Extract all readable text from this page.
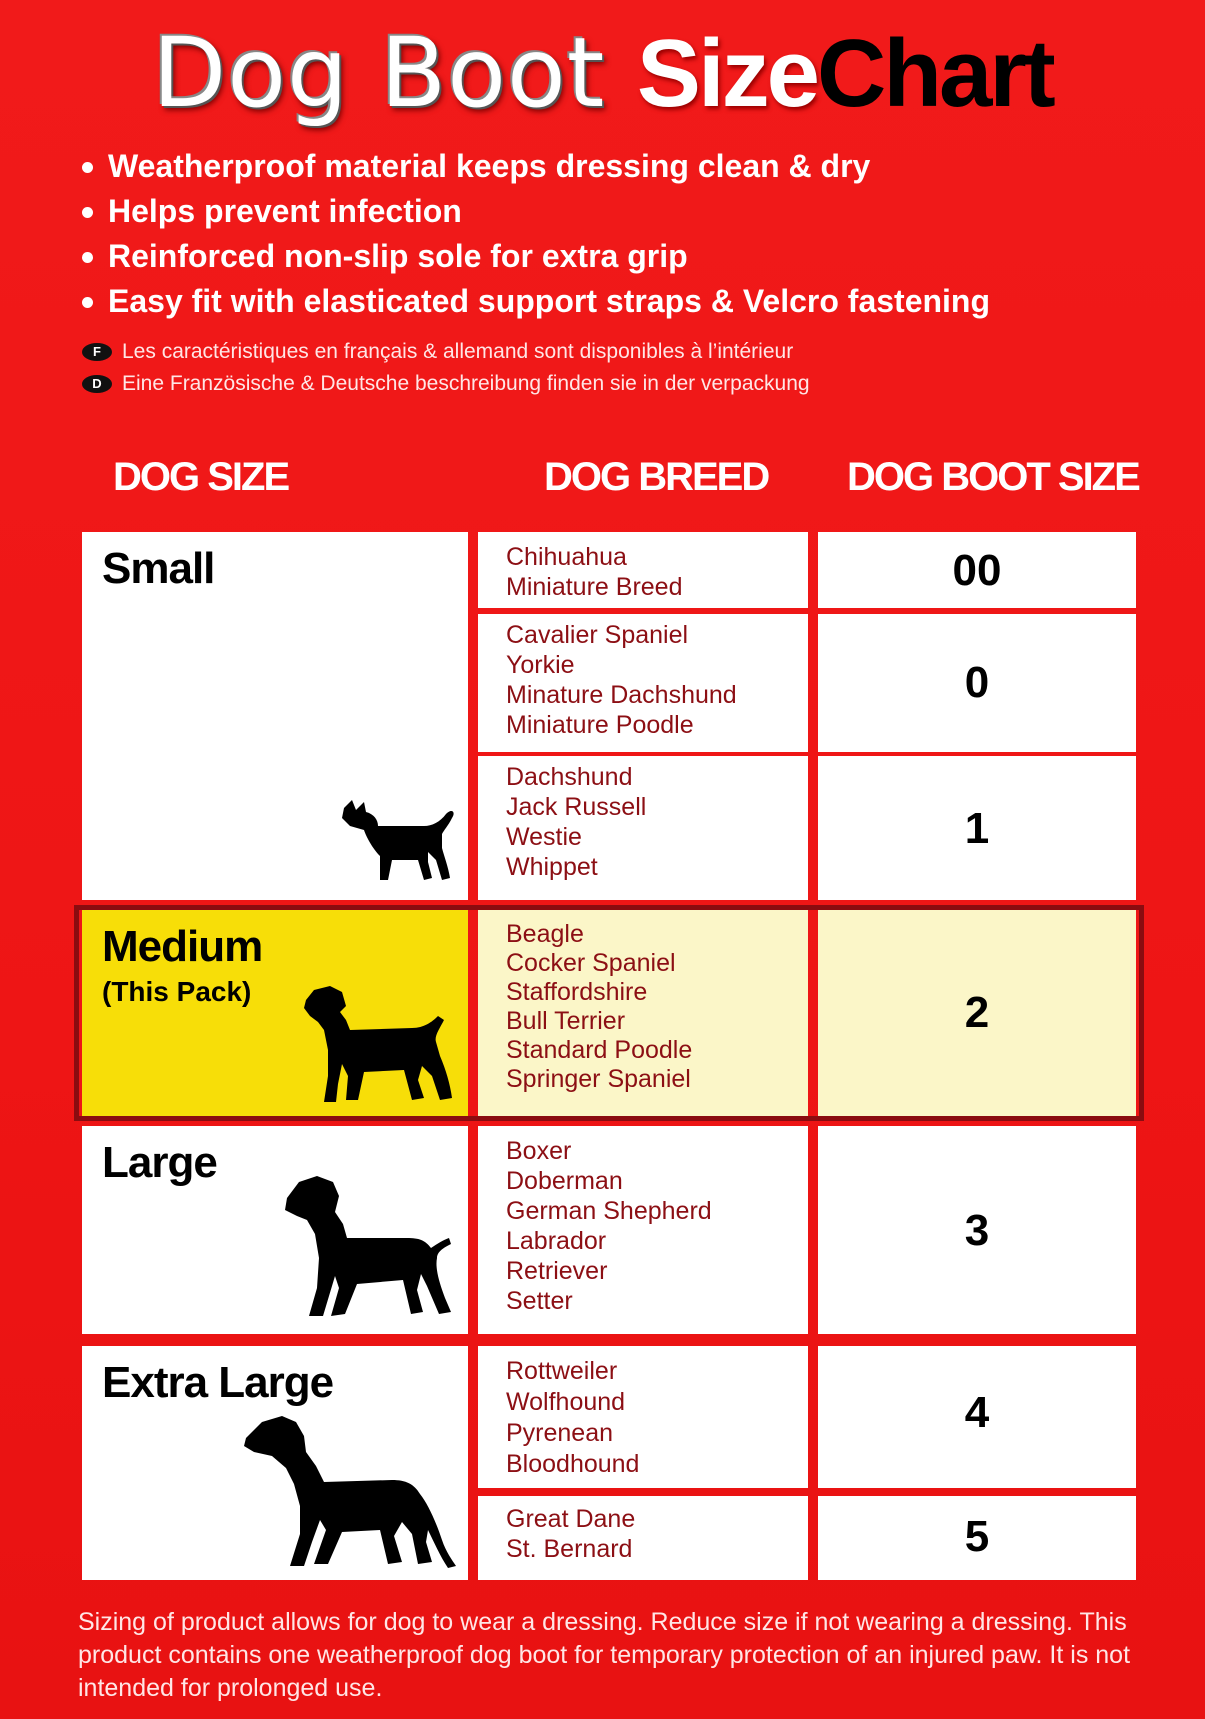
Dog Boot SizeChart
Weatherproof material keeps dressing clean & dry
Helps prevent infection
Reinforced non-slip sole for extra grip
Easy fit with elasticated support straps & Velcro fastening
F Les caractéristiques en français & allemand sont disponibles à l’intérieur
D Eine Französische & Deutsche beschreibung finden sie in der verpackung
DOG SIZE	DOG BREED DOG BOOT SIZE
Small
Medium
(This Pack)
Large
Extra Large
Chihuahua
Miniature Breed
Cavalier Spaniel
Yorkie
Minature Dachshund
Miniature Poodle
Dachshund
Jack Russell
Westie
Whippet
Beagle
Cocker Spaniel
Staffordshire
Bull Terrier
Standard Poodle
Springer Spaniel
Boxer
Doberman
German Shepherd
Labrador
Retriever
Setter
Rottweiler
Wolfhound
Pyrenean
Bloodhound
Great Dane
St. Bernard
00
0
1
2
3
4
5
Sizing of product allows for dog to wear a dressing. Reduce size if not wearing a dressing. This product contains one weatherproof dog boot for temporary protection of an injured paw. It is not intended for prolonged use.
